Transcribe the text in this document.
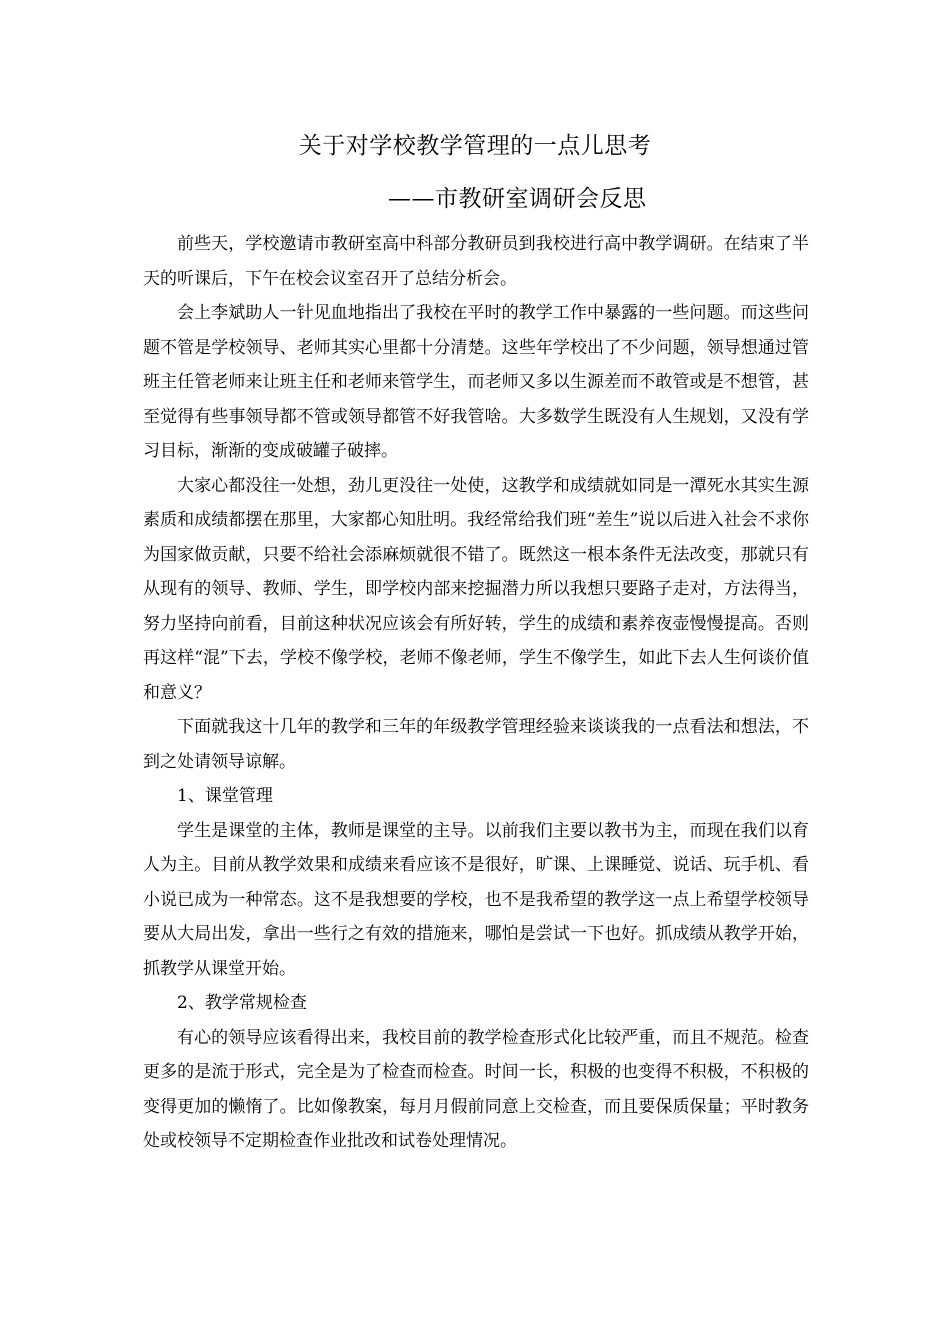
关于对学校教学管理的一点儿思考
——市教研室调研会反思

前些天，学校邀请市教研室高中科部分教研员到我校进行高中教学调研。在结束了半天的听课后，下午在校会议室召开了总结分析会。

会上李斌助人一针见血地指出了我校在平时的教学工作中暴露的一些问题。而这些问题不管是学校领导、老师其实心里都十分清楚。这些年学校出了不少问题，领导想通过管班主任管老师来让班主任和老师来管学生，而老师又多以生源差而不敢管或是不想管，甚至觉得有些事领导都不管或领导都管不好我管啥。大多数学生既没有人生规划，又没有学习目标，渐渐的变成破罐子破摔。

大家心都没往一处想，劲儿更没往一处使，这教学和成绩就如同是一潭死水其实生源素质和成绩都摆在那里，大家都心知肚明。我经常给我们班“差生”说以后进入社会不求你为国家做贡献，只要不给社会添麻烦就很不错了。既然这一根本条件无法改变，那就只有从现有的领导、教师、学生，即学校内部来挖掘潜力所以我想只要路子走对，方法得当，努力坚持向前看，目前这种状况应该会有所好转，学生的成绩和素养夜壶慢慢提高。否则再这样“混”下去，学校不像学校，老师不像老师，学生不像学生，如此下去人生何谈价值和意义？

下面就我这十几年的教学和三年的年级教学管理经验来谈谈我的一点看法和想法，不到之处请领导谅解。

1、课堂管理

学生是课堂的主体，教师是课堂的主导。以前我们主要以教书为主，而现在我们以育人为主。目前从教学效果和成绩来看应该不是很好，旷课、上课睡觉、说话、玩手机、看小说已成为一种常态。这不是我想要的学校，也不是我希望的教学这一点上希望学校领导要从大局出发，拿出一些行之有效的措施来，哪怕是尝试一下也好。抓成绩从教学开始，抓教学从课堂开始。

2、教学常规检查

有心的领导应该看得出来，我校目前的教学检查形式化比较严重，而且不规范。检查更多的是流于形式，完全是为了检查而检查。时间一长，积极的也变得不积极，不积极的变得更加的懒惰了。比如像教案，每月月假前同意上交检查，而且要保质保量；平时教务处或校领导不定期检查作业批改和试卷处理情况。
